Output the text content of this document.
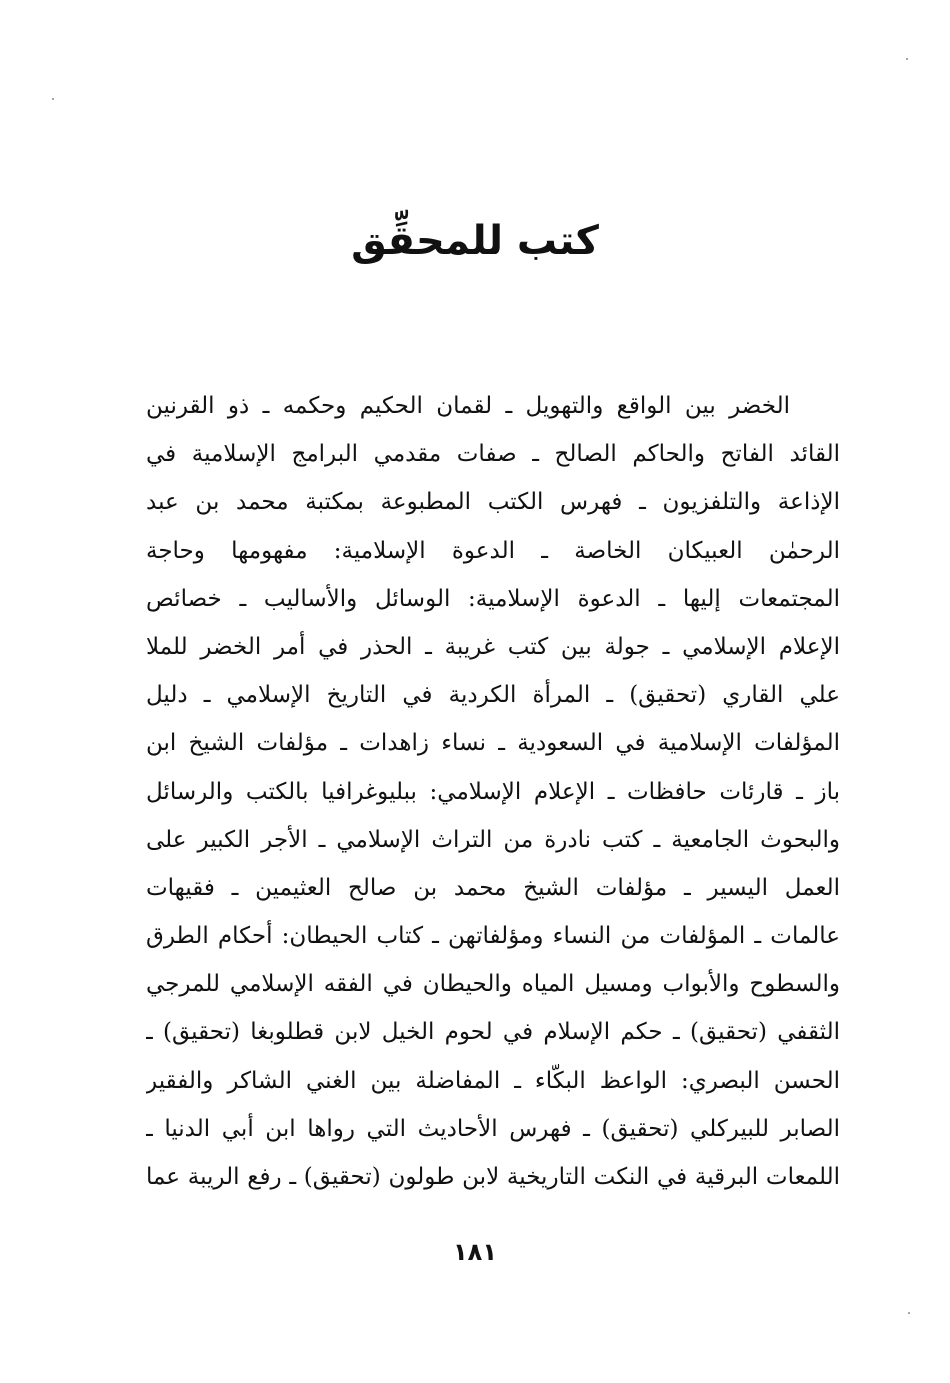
كتب للمحقِّق
الخضر بين الواقع والتهويل ـ لقمان الحكيم وحكمه ـ ذو القرنين
القائد الفاتح والحاكم الصالح ـ صفات مقدمي البرامج الإسلامية في
الإذاعة والتلفزيون ـ فهرس الكتب المطبوعة بمكتبة محمد بن عبد
الرحمٰن العبيكان الخاصة ـ الدعوة الإسلامية: مفهومها وحاجة
المجتمعات إليها ـ الدعوة الإسلامية: الوسائل والأساليب ـ خصائص
الإعلام الإسلامي ـ جولة بين كتب غريبة ـ الحذر في أمر الخضر للملا
علي القاري (تحقيق) ـ المرأة الكردية في التاريخ الإسلامي ـ دليل
المؤلفات الإسلامية في السعودية ـ نساء زاهدات ـ مؤلفات الشيخ ابن
باز ـ قارئات حافظات ـ الإعلام الإسلامي: ببليوغرافيا بالكتب والرسائل
والبحوث الجامعية ـ كتب نادرة من التراث الإسلامي ـ الأجر الكبير على
العمل اليسير ـ مؤلفات الشيخ محمد بن صالح العثيمين ـ فقيهات
عالمات ـ المؤلفات من النساء ومؤلفاتهن ـ كتاب الحيطان: أحكام الطرق
والسطوح والأبواب ومسيل المياه والحيطان في الفقه الإسلامي للمرجي
الثقفي (تحقيق) ـ حكم الإسلام في لحوم الخيل لابن قطلوبغا (تحقيق) ـ
الحسن البصري: الواعظ البكّاء ـ المفاضلة بين الغني الشاكر والفقير
الصابر للبيركلي (تحقيق) ـ فهرس الأحاديث التي رواها ابن أبي الدنيا ـ
اللمعات البرقية في النكت التاريخية لابن طولون (تحقيق) ـ رفع الريبة عما
١٨١
